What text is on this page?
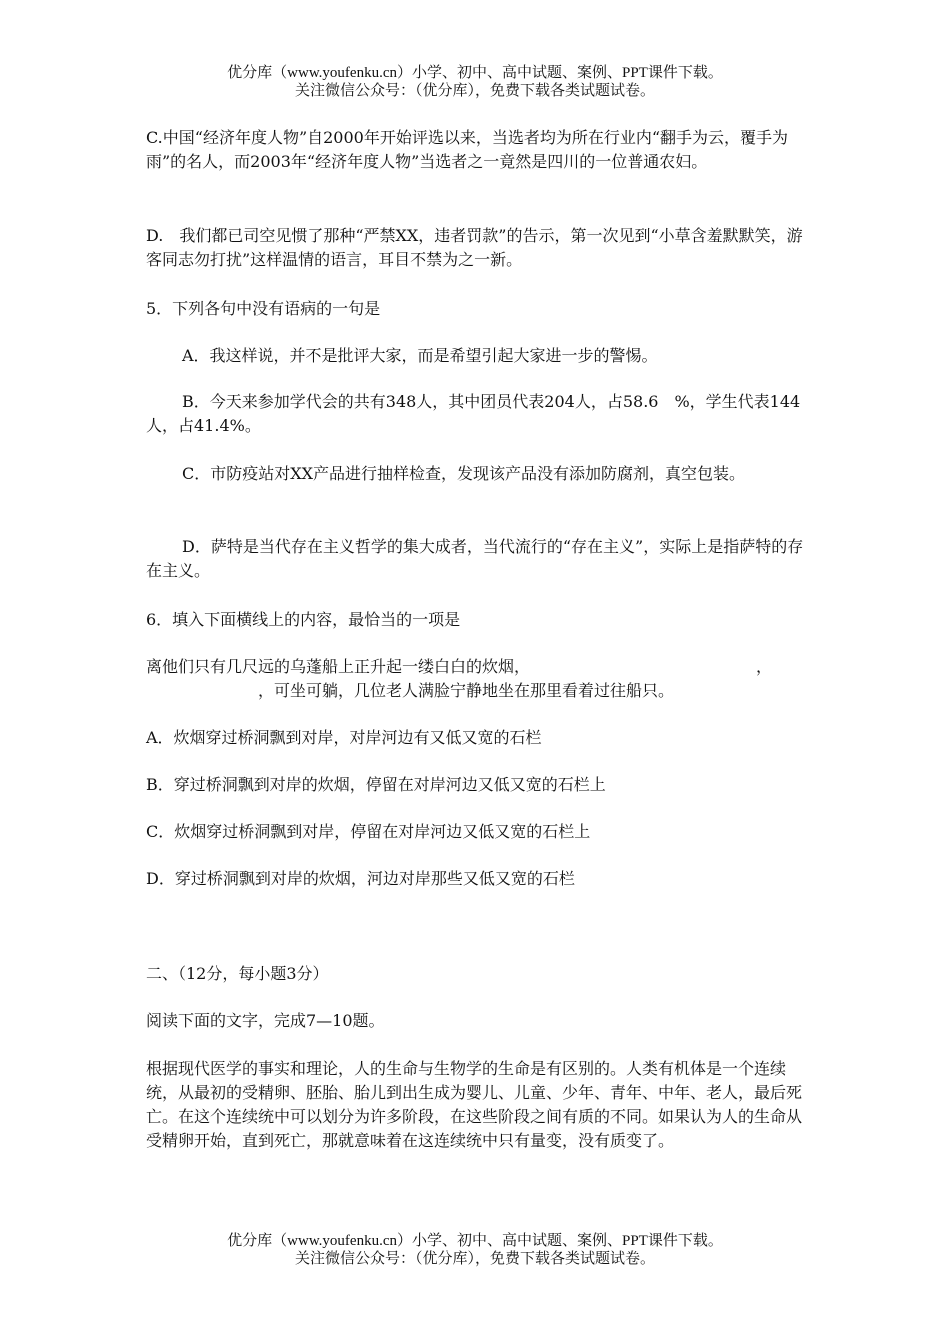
优分库（www.youfenku.cn）小学、初中、高中试题、案例、PPT课件下载。
关注微信公众号：（优分库），免费下载各类试题试卷。

C.中国“经济年度人物”自2000年开始评选以来，当选者均为所在行业内“翻手为云，覆手为雨”的名人，而2003年“经济年度人物”当选者之一竟然是四川的一位普通农妇。

D.　我们都已司空见惯了那种“严禁XX，违者罚款”的告示，第一次见到“小草含羞默默笑，游客同志勿打扰”这样温情的语言，耳目不禁为之一新。

5．下列各句中没有语病的一句是

A．我这样说，并不是批评大家，而是希望引起大家进一步的警惕。

B．今天来参加学代会的共有348人，其中团员代表204人，占58.6　%，学生代表144人，占41.4%。

C．市防疫站对XX产品进行抽样检查，发现该产品没有添加防腐剂，真空包装。

D．萨特是当代存在主义哲学的集大成者，当代流行的“存在主义”，实际上是指萨特的存在主义。

6．填入下面横线上的内容，最恰当的一项是

离他们只有几尺远的乌蓬船上正升起一缕白白的炊烟，	，
，可坐可躺，几位老人满脸宁静地坐在那里看着过往船只。

A．炊烟穿过桥洞飘到对岸，对岸河边有又低又宽的石栏

B．穿过桥洞飘到对岸的炊烟，停留在对岸河边又低又宽的石栏上

C．炊烟穿过桥洞飘到对岸，停留在对岸河边又低又宽的石栏上

D．穿过桥洞飘到对岸的炊烟，河边对岸那些又低又宽的石栏

二、（12分，每小题3分）

阅读下面的文字，完成7—10题。

根据现代医学的事实和理论，人的生命与生物学的生命是有区别的。人类有机体是一个连续统，从最初的受精卵、胚胎、胎儿到出生成为婴儿、儿童、少年、青年、中年、老人，最后死亡。在这个连续统中可以划分为许多阶段，在这些阶段之间有质的不同。如果认为人的生命从受精卵开始，直到死亡，那就意味着在这连续统中只有量变，没有质变了。

优分库（www.youfenku.cn）小学、初中、高中试题、案例、PPT课件下载。
关注微信公众号：（优分库），免费下载各类试题试卷。
